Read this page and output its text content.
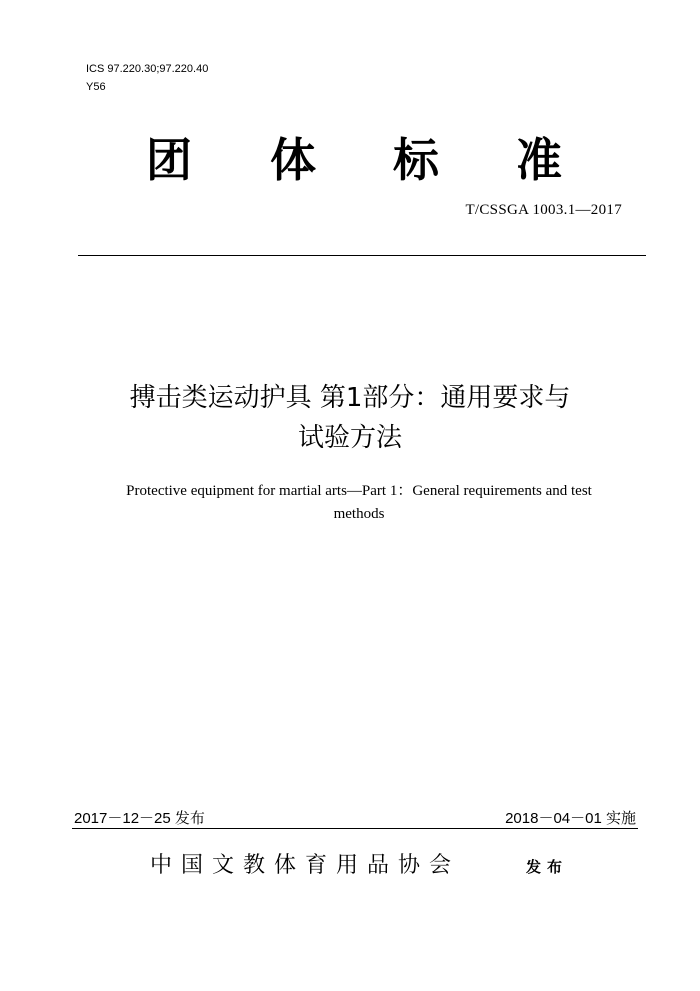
ICS 97.220.30;97.220.40
Y56
团 体 标 准
T/CSSGA 1003.1—2017
搏击类运动护具 第1部分：通用要求与
试验方法
Protective equipment for martial arts—Part 1：General requirements and test
methods
2017－12－25 发布	2018－04－01 实施
中国文教体育用品协会	发布
